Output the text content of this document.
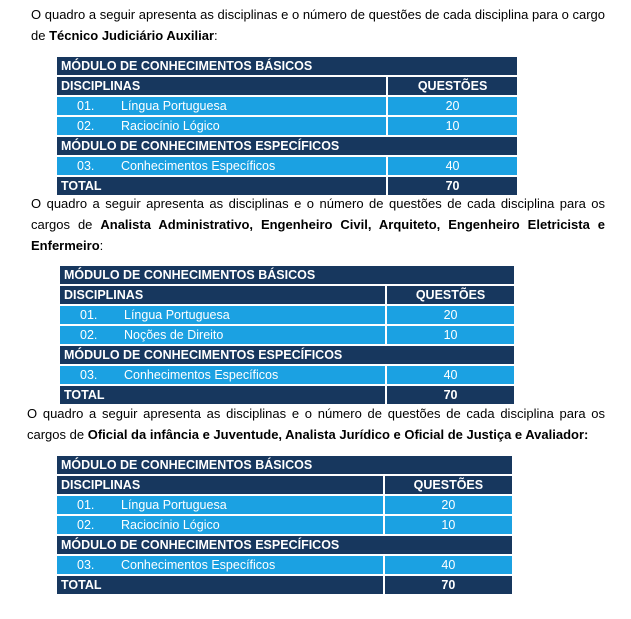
O quadro a seguir apresenta as disciplinas e o número de questões de cada disciplina para o cargo
de Técnico Judiciário Auxiliar:
MÓDULO DE CONHECIMENTOS BÁSICOS		
DISCIPLINAS		QUESTÕES
01.	Língua Portuguesa	20
02.	Raciocínio Lógico	10
MÓDULO DE CONHECIMENTOS ESPECÍFICOS		
03.	Conhecimentos Específicos	40
TOTAL		70
O quadro a seguir apresenta as disciplinas e o número de questões de cada disciplina para os
cargos de Analista Administrativo, Engenheiro Civil, Arquiteto, Engenheiro Eletricista e
Enfermeiro:
MÓDULO DE CONHECIMENTOS BÁSICOS		
DISCIPLINAS		QUESTÕES
01.	Língua Portuguesa	20
02.	Noções de Direito	10
MÓDULO DE CONHECIMENTOS ESPECÍFICOS		
03.	Conhecimentos Específicos	40
TOTAL		70
O quadro a seguir apresenta as disciplinas e o número de questões de cada disciplina para os
cargos de Oficial da infância e Juventude, Analista Jurídico e Oficial de Justiça e Avaliador:
MÓDULO DE CONHECIMENTOS BÁSICOS		
DISCIPLINAS		QUESTÕES
01.	Língua Portuguesa	20
02.	Raciocínio Lógico	10
MÓDULO DE CONHECIMENTOS ESPECÍFICOS		
03.	Conhecimentos Específicos	40
TOTAL		70
